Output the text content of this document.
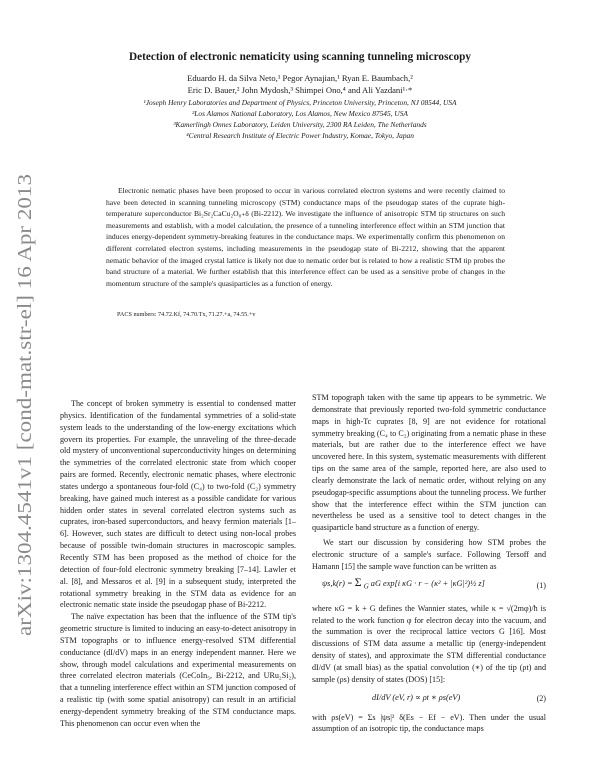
Detection of electronic nematicity using scanning tunneling microscopy
Eduardo H. da Silva Neto,¹ Pegor Aynajian,¹ Ryan E. Baumbach,²
Eric D. Bauer,² John Mydosh,³ Shimpei Ono,⁴ and Ali Yazdani¹·*
¹Joseph Henry Laboratories and Department of Physics, Princeton University, Princeton, NJ 08544, USA
²Los Alamos National Laboratory, Los Alamos, New Mexico 87545, USA
³Kamerlingh Onnes Laboratory, Leiden University, 2300 RA Leiden, The Netherlands
⁴Central Research Institute of Electric Power Industry, Komae, Tokyo, Japan
Electronic nematic phases have been proposed to occur in various correlated electron systems and were recently claimed to have been detected in scanning tunneling microscopy (STM) conductance maps of the pseudogap states of the cuprate high-temperature superconductor Bi₂Sr₂CaCu₂O₈₊δ (Bi-2212). We investigate the influence of anisotropic STM tip structures on such measurements and establish, with a model calculation, the presence of a tunneling interference effect within an STM junction that induces energy-dependent symmetry-breaking features in the conductance maps. We experimentally confirm this phenomenon on different correlated electron systems, including measurements in the pseudogap state of Bi-2212, showing that the apparent nematic behavior of the imaged crystal lattice is likely not due to nematic order but is related to how a realistic STM tip probes the band structure of a material. We further establish that this interference effect can be used as a sensitive probe of changes in the momentum structure of the sample's quasiparticles as a function of energy.
PACS numbers: 74.72.Kf, 74.70.Tx, 71.27.+a, 74.55.+v
arXiv:1304.4541v1 [cond-mat.str-el] 16 Apr 2013	The concept of broken symmetry is essential to condensed matter physics. Identification of the fundamental symmetries of a solid-state system leads to the understanding of the low-energy excitations which govern its properties. For example, the unraveling of the three-decade old mystery of unconventional superconductivity hinges on determining the symmetries of the correlated electronic state from which cooper pairs are formed. Recently, electronic nematic phases, where electronic states undergo a spontaneous four-fold (C₄) to two-fold (C₂) symmetry breaking, have gained much interest as a possible candidate for various hidden order states in several correlated electron systems such as cuprates, iron-based superconductors, and heavy fermion materials [1–6]. However, such states are difficult to detect using non-local probes because of possible twin-domain structures in macroscopic samples. Recently STM has been proposed as the method of choice for the detection of four-fold electronic symmetry breaking [7–14]. Lawler et al. [8], and Messaros et al. [9] in a subsequent study, interpreted the rotational symmetry breaking in the STM data as evidence for an electronic nematic state inside the pseudogap phase of Bi-2212.

The naïve expectation has been that the influence of the STM tip's geometric structure is limited to inducing an easy-to-detect anisotropy in STM topographs or to influence energy-resolved STM differential conductance (dI/dV) maps in an energy independent manner. Here we show, through model calculations and experimental measurements on three correlated electron materials (CeCoIn₅, Bi-2212, and URu₂Si₂), that a tunneling interference effect within an STM junction composed of a realistic tip (with some spatial anisotropy) can result in an artificial energy-dependent symmetry breaking of the STM conductance maps. This phenomenon can occur even when the

STM topograph taken with the same tip appears to be symmetric. We demonstrate that previously reported two-fold symmetric conductance maps in high-Tc cuprates [8, 9] are not evidence for rotational symmetry breaking (C₄ to C₂) originating from a nematic phase in these materials, but are rather due to the interference effect we have uncovered here. In this system, systematic measurements with different tips on the same area of the sample, reported here, are also used to clearly demonstrate the lack of nematic order, without relying on any pseudogap-specific assumptions about the tunneling process. We further show that the interference effect within the STM junction can nevertheless be used as a sensitive tool to detect changes in the quasiparticle band structure as a function of energy.

We start our discussion by considering how STM probes the electronic structure of a sample's surface. Following Tersoff and Hamann [15] the sample wave function can be written as

ψs,k(r) = Σ $_G$ aG exp[i κG · r − (κ² + |κG|²)½ z]	(1)

where κG = k + G defines the Wannier states, while κ = √(2mφ)/ħ is related to the work function φ for electron decay into the vacuum, and the summation is over the reciprocal lattice vectors G [16]. Most discussions of STM data assume a metallic tip (energy-independent density of states), and approximate the STM differential conductance dI/dV (at small bias) as the spatial convolution (∗) of the tip (ρt) and sample (ρs) density of states (DOS) [15]:

dI/dV (eV, r) ∝ ρt ∗ ρs(eV)	(2)

with ρs(eV) = Σs |ψs|² δ(Es − Ef − eV). Then under the usual assumption of an isotropic tip, the conductance maps
